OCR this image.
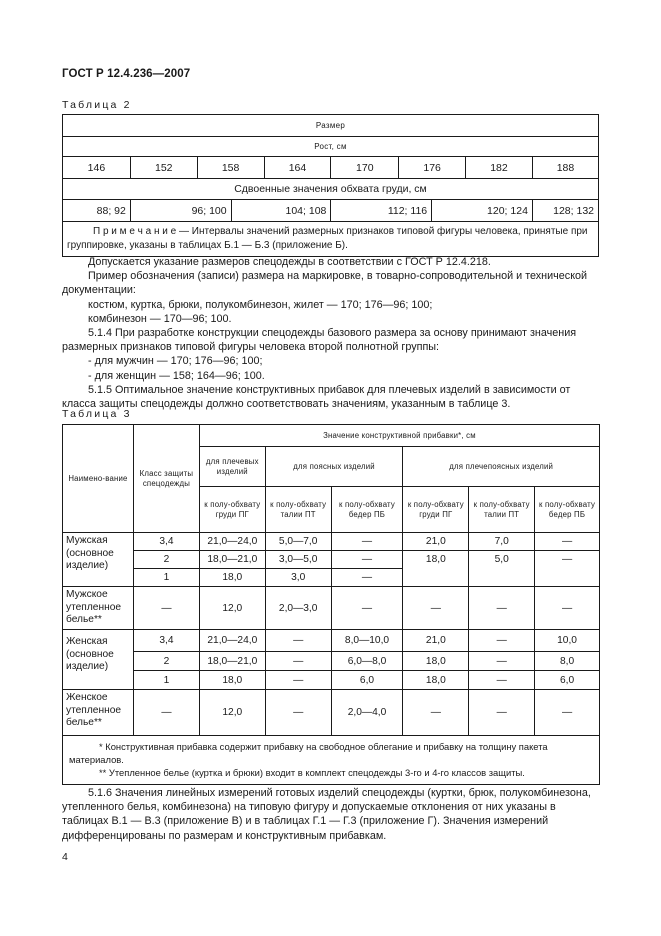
ГОСТ Р 12.4.236—2007
Таблица 2
Размер									
Рост, см									
146	152	158		164	170	176		182	188
Сдвоенные значения обхвата груди, см									
88; 92	96; 100		104; 108		112; 116		120; 124		128; 132
П р и м е ч а н и е — Интервалы значений размерных признаков типовой фигуры человека, принятые при группировке, указаны в таблицах Б.1 — Б.3 (приложение Б).									

Допускается указание размеров спецодежды в соответствии с ГОСТ Р 12.4.218.

Пример обозначения (записи) размера на маркировке, в товарно-сопроводительной и технической документации:

костюм, куртка, брюки, полукомбинезон, жилет — 170; 176—96; 100;

комбинезон — 170—96; 100.

5.1.4 При разработке конструкции спецодежды базового размера за основу принимают значения размерных признаков типовой фигуры человека второй полнотной группы:

- для мужчин — 170; 176—96; 100;

- для женщин — 158; 164—96; 100.

5.1.5 Оптимальное значение конструктивных прибавок для плечевых изделий в зависимости от класса защиты спецодежды должно соответствовать значениям, указанным в таблице 3.

Таблица 3
Наимено-вание	Класс защиты спецодежды	Значение конструктивной прибавки*, см					
		для плечевых изделий	для поясных изделий		для плечепоясных изделий		
		к полу-обхвату груди ПГ	к полу-обхвату талии ПТ	к полу-обхвату бедер ПБ	к полу-обхвату груди ПГ	к полу-обхвату талии ПТ	к полу-обхвату бедер ПБ
Мужская (основное изделие)	3,4	21,0—24,0	5,0—7,0	—	21,0	7,0	—
	2	18,0—21,0	3,0—5,0	—	18,0	5,0	—
	1	18,0	3,0	—			
Мужское утепленное белье**	—	12,0	2,0—3,0	—	—	—	—
Женская (основное изделие)	3,4	21,0—24,0	—	8,0—10,0	21,0	—	10,0
	2	18,0—21,0	—	6,0—8,0	18,0	—	8,0
	1	18,0	—	6,0	18,0	—	6,0
Женское утепленное белье**	—	12,0	—	2,0—4,0	—	—	—

* Конструктивная прибавка содержит прибавку на свободное облегание и прибавку на толщину пакета материалов.

** Утепленное белье (куртка и брюки) входит в комплект спецодежды 3-го и 4-го классов защиты.							

5.1.6 Значения линейных измерений готовых изделий спецодежды (куртки, брюк, полукомбинезона, утепленного белья, комбинезона) на типовую фигуру и допускаемые отклонения от них указаны в таблицах В.1 — В.3 (приложение В) и в таблицах Г.1 — Г.3 (приложение Г). Значения измерений дифференцированы по размерам и конструктивным прибавкам.

4
